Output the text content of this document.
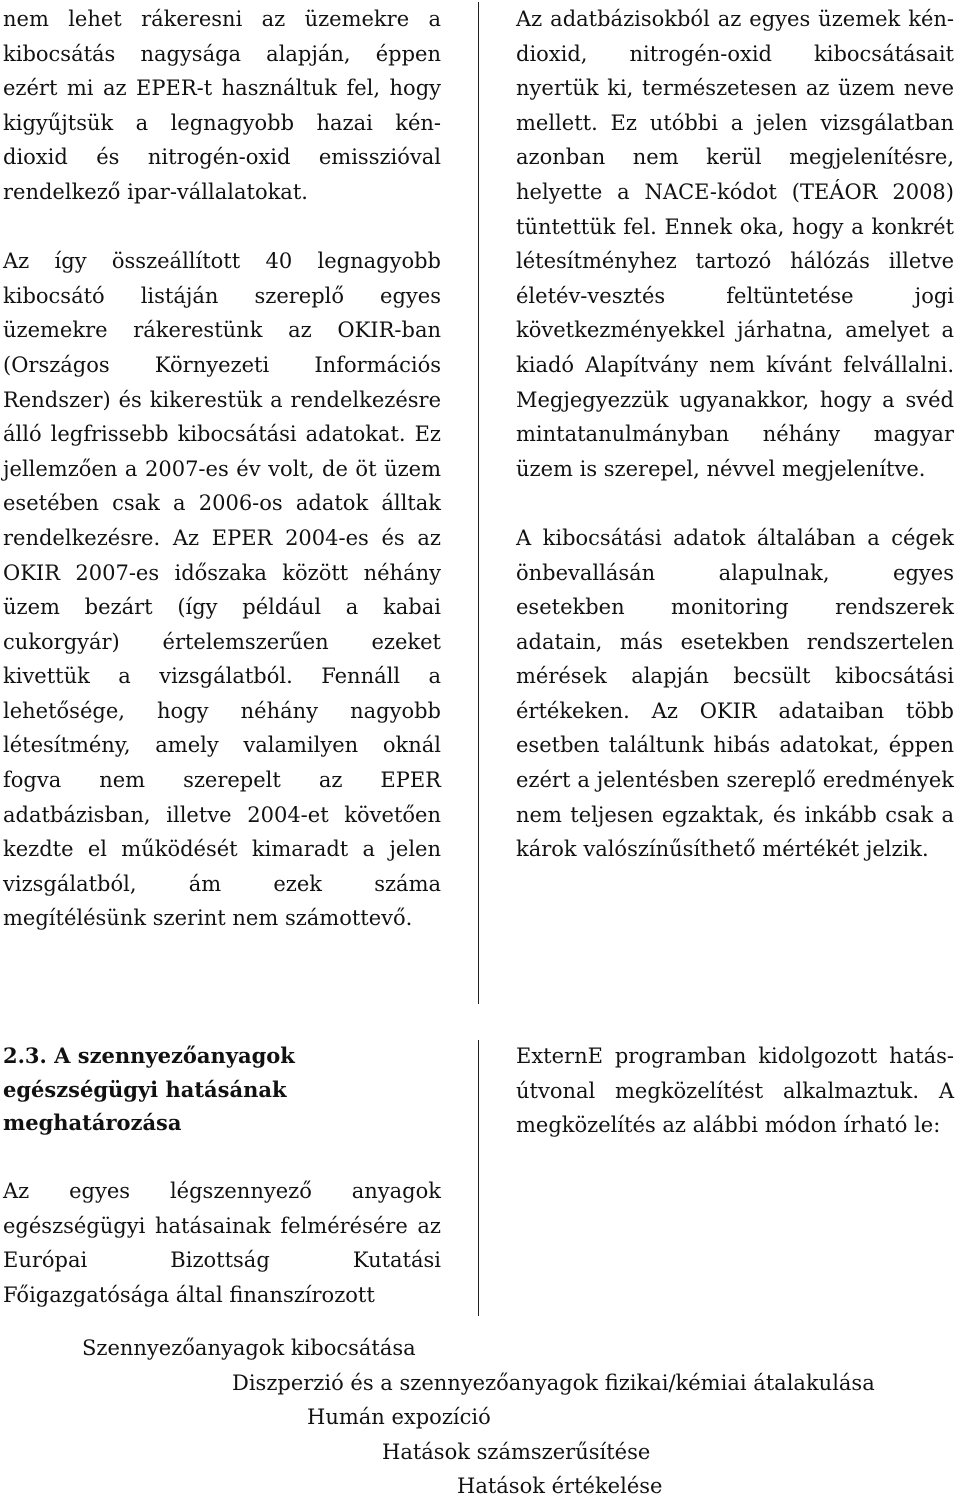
nem lehet rákeresni az üzemekre a kibocsátás nagysága alapján, éppen ezért mi az EPER-t használtuk fel, hogy kigyűjtsük a legnagyobb hazai kén-dioxid és nitrogén-oxid emisszióval rendelkező ipar-vállalatokat.

Az így összeállított 40 legnagyobb kibocsátó listáján szereplő egyes üzemekre rákerestünk az OKIR-ban (Országos Környezeti Információs Rendszer) és kikerestük a rendelkezésre álló legfrissebb kibocsátási adatokat. Ez jellemzően a 2007-es év volt, de öt üzem esetében csak a 2006-os adatok álltak rendelkezésre. Az EPER 2004-es és az OKIR 2007-es időszaka között néhány üzem bezárt (így például a kabai cukorgyár) értelemszerűen ezeket kivettük a vizsgálatból. Fennáll a lehetősége, hogy néhány nagyobb létesítmény, amely valamilyen oknál fogva nem szerepelt az EPER adatbázisban, illetve 2004-et követően kezdte el működését kimaradt a jelen vizsgálatból, ám ezek száma megítélésünk szerint nem számottevő.

Az adatbázisokból az egyes üzemek kén-dioxid, nitrogén-oxid kibocsátásait nyertük ki, természetesen az üzem neve mellett. Ez utóbbi a jelen vizsgálatban azonban nem kerül megjelenítésre, helyette a NACE-kódot (TEÁOR 2008) tüntettük fel. Ennek oka, hogy a konkrét létesítményhez tartozó hálózás illetve életév-vesztés feltüntetése jogi következményekkel járhatna, amelyet a kiadó Alapítvány nem kívánt felvállalni. Megjegyezzük ugyanakkor, hogy a svéd mintatanulmányban néhány magyar üzem is szerepel, névvel megjelenítve.

A kibocsátási adatok általában a cégek önbevallásán alapulnak, egyes esetekben monitoring rendszerek adatain, más esetekben rendszertelen mérések alapján becsült kibocsátási értékeken. Az OKIR adataiban több esetben találtunk hibás adatokat, éppen ezért a jelentésben szereplő eredmények nem teljesen egzaktak, és inkább csak a károk valószínűsíthető mértékét jelzik.

2.3. A szennyezőanyagok egészségügyi hatásának meghatározása

Az egyes légszennyező anyagok egészségügyi hatásainak felmérésére az Európai Bizottság Kutatási Főigazgatósága által finanszírozott

ExternE programban kidolgozott hatás-útvonal megközelítést alkalmaztuk. A megközelítés az alábbi módon írható le:

Szennyezőanyagok kibocsátása
Diszperzió és a szennyezőanyagok fizikai/kémiai átalakulása
Humán expozíció
Hatások számszerűsítése
Hatások értékelése
